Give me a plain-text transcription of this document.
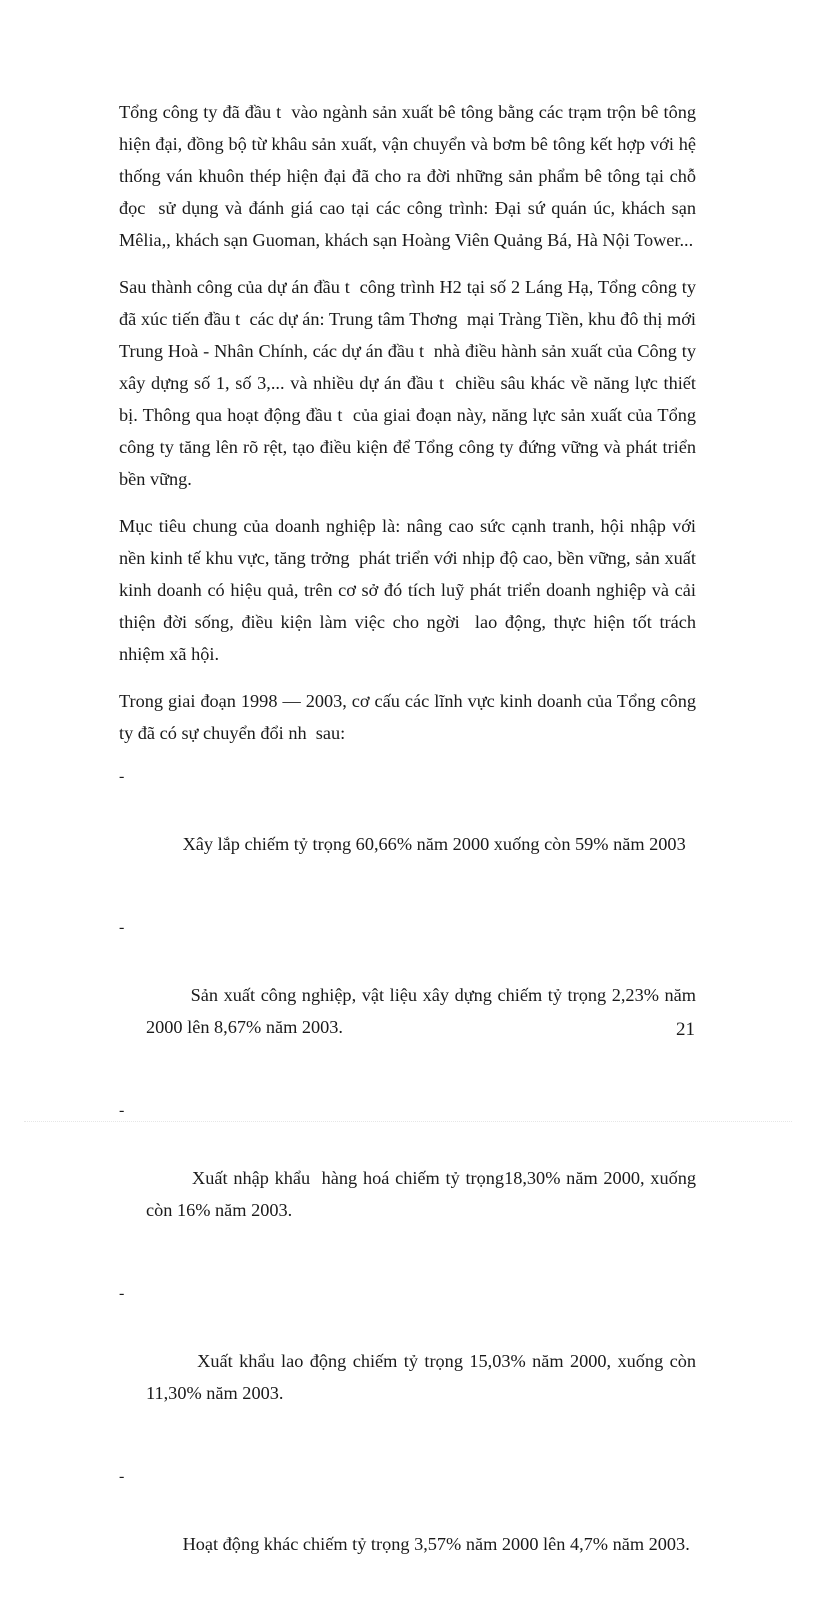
Tổng công ty đã đầu t  vào ngành sản xuất bê tông bằng các trạm trộn bê tông hiện đại, đồng bộ từ khâu sản xuất, vận chuyển và bơm bê tông kết hợp với hệ thống ván khuôn thép hiện đại đã cho ra đời những sản phẩm bê tông tại chỗ đọc  sử dụng và đánh giá cao tại các công trình: Đại sứ quán úc, khách sạn Mêlia,, khách sạn Guoman, khách sạn Hoàng Viên Quảng Bá, Hà Nội Tower...

Sau thành công của dự án đầu t  công trình H2 tại số 2 Láng Hạ, Tổng công ty đã xúc tiến đầu t  các dự án: Trung tâm Thơng  mại Tràng Tiền, khu đô thị mới Trung Hoà - Nhân Chính, các dự án đầu t  nhà điều hành sản xuất của Công ty xây dựng số 1, số 3,... và nhiều dự án đầu t  chiều sâu khác về năng lực thiết bị. Thông qua hoạt động đầu t  của giai đoạn này, năng lực sản xuất của Tổng công ty tăng lên rõ rệt, tạo điều kiện để Tổng công ty đứng vững và phát triển  bền vững.

Mục tiêu chung của doanh nghiệp là: nâng cao sức cạnh tranh, hội nhập với nền kinh tế khu vực, tăng trởng  phát triển với nhịp độ cao, bền vững, sản xuất kinh doanh có hiệu quả, trên cơ sở đó tích luỹ phát triển doanh nghiệp và cải thiện đời sống, điều kiện làm việc cho ngời  lao động, thực hiện tốt trách nhiệm xã hội.

Trong giai đoạn 1998 — 2003, cơ cấu các lĩnh vực kinh doanh của Tổng công ty đã có sự chuyển đổi nh  sau:

-

Xây lắp chiếm tỷ trọng 60,66% năm 2000 xuống còn 59% năm 2003

-

Sản xuất công nghiệp, vật liệu xây dựng chiếm tỷ trọng 2,23% năm 2000 lên 8,67% năm 2003.

-

Xuất nhập khẩu  hàng hoá chiếm tỷ trọng18,30% năm 2000, xuống còn 16% năm 2003.

-

Xuất khẩu lao động chiếm tỷ trọng 15,03% năm 2000, xuống còn 11,30% năm 2003.

-

Hoạt động khác chiếm tỷ trọng 3,57% năm 2000 lên 4,7% năm 2003.

21
